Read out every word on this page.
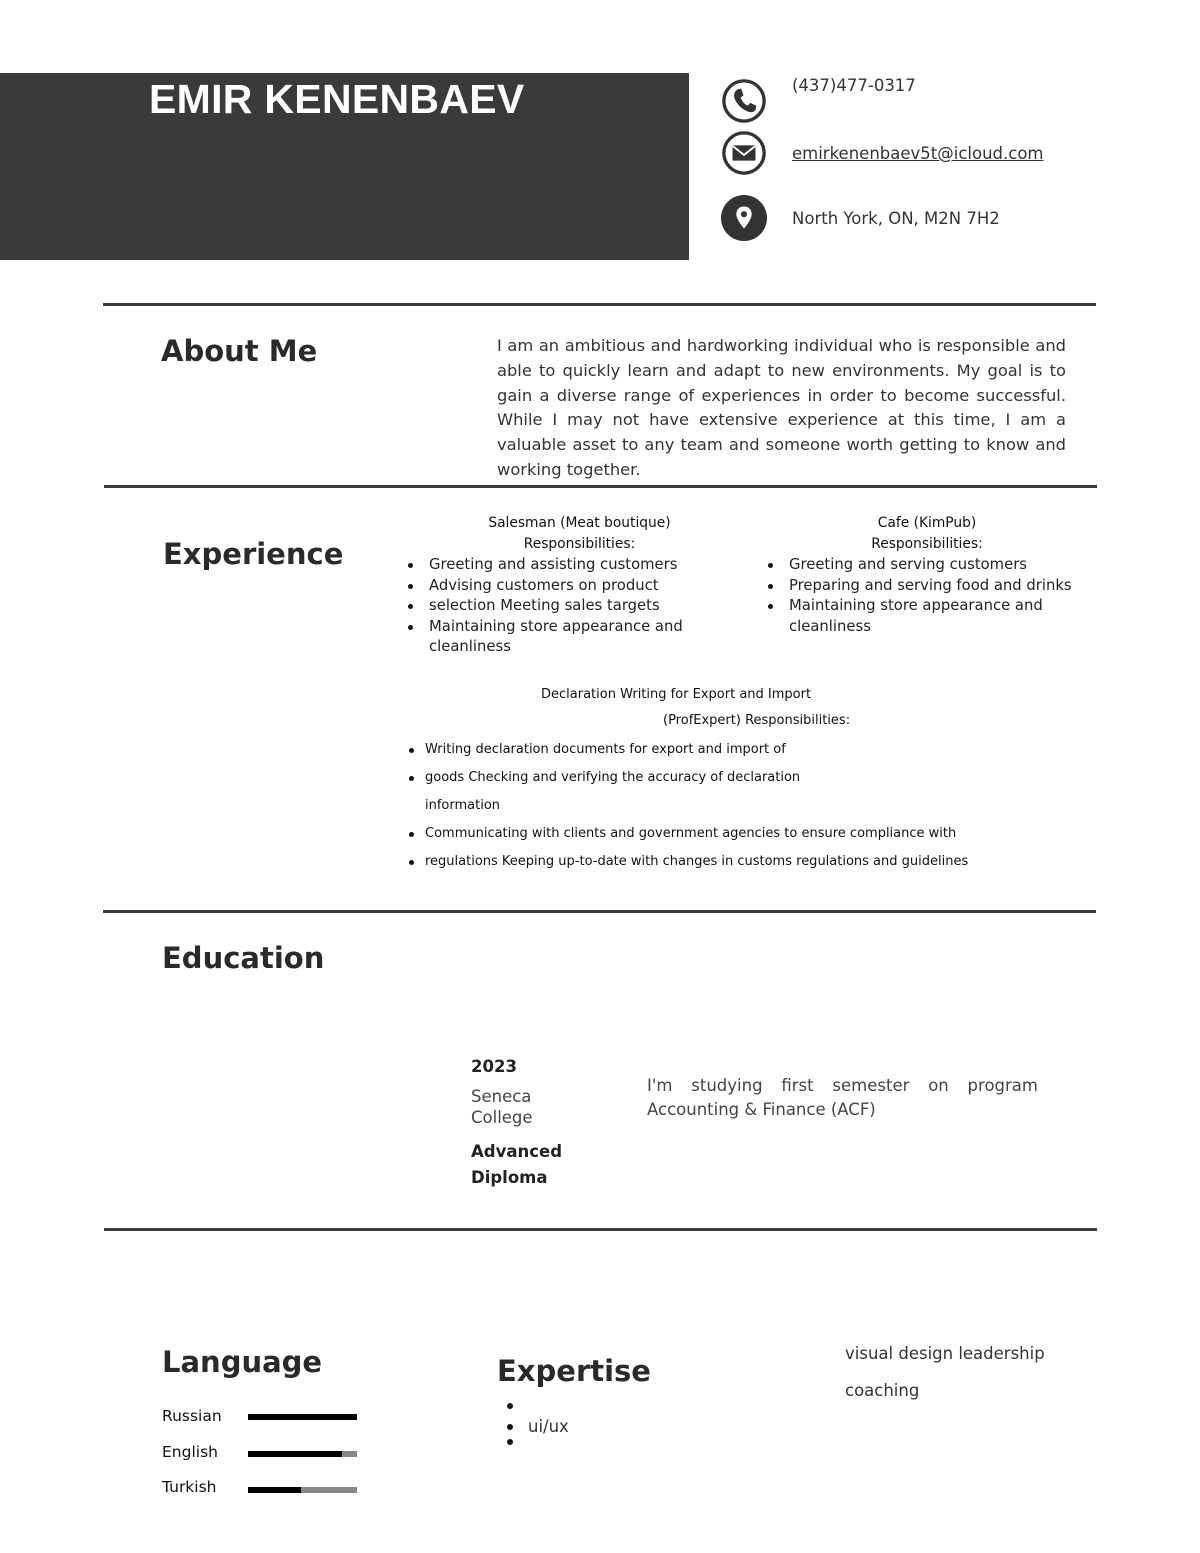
EMIR KENENBAEV	(437)477-0317
emirkenenbaev5t@icloud.com
North York, ON, M2N 7H2
About Me	I am an ambitious and hardworking individual who is responsible and able to quickly learn and adapt to new environments. My goal is to gain a diverse range of experiences in order to become successful. While I may not have extensive experience at this time, I am a valuable asset to any team and someone worth getting to know and working together.
Experience
Salesman (Meat boutique)
Responsibilities:
Greeting and assisting customers
Advising customers on product
selection Meeting sales targets
Maintaining store appearance and cleanliness
Cafe (KimPub)
Responsibilities:
Greeting and serving customers
Preparing and serving food and drinks
Maintaining store appearance and cleanliness
Declaration Writing for Export and Import
(ProfExpert) Responsibilities:
Writing declaration documents for export and import of
goods Checking and verifying the accuracy of declaration
information
Communicating with clients and government agencies to ensure compliance with
regulations Keeping up-to-date with changes in customs regulations and guidelines
Education
2023
Seneca
College
Advanced
Diploma
I'm studying first semester on program Accounting & Finance (ACF)
Language
Russian
English
Turkish
Expertise
ui/ux
visual design leadership
coaching
